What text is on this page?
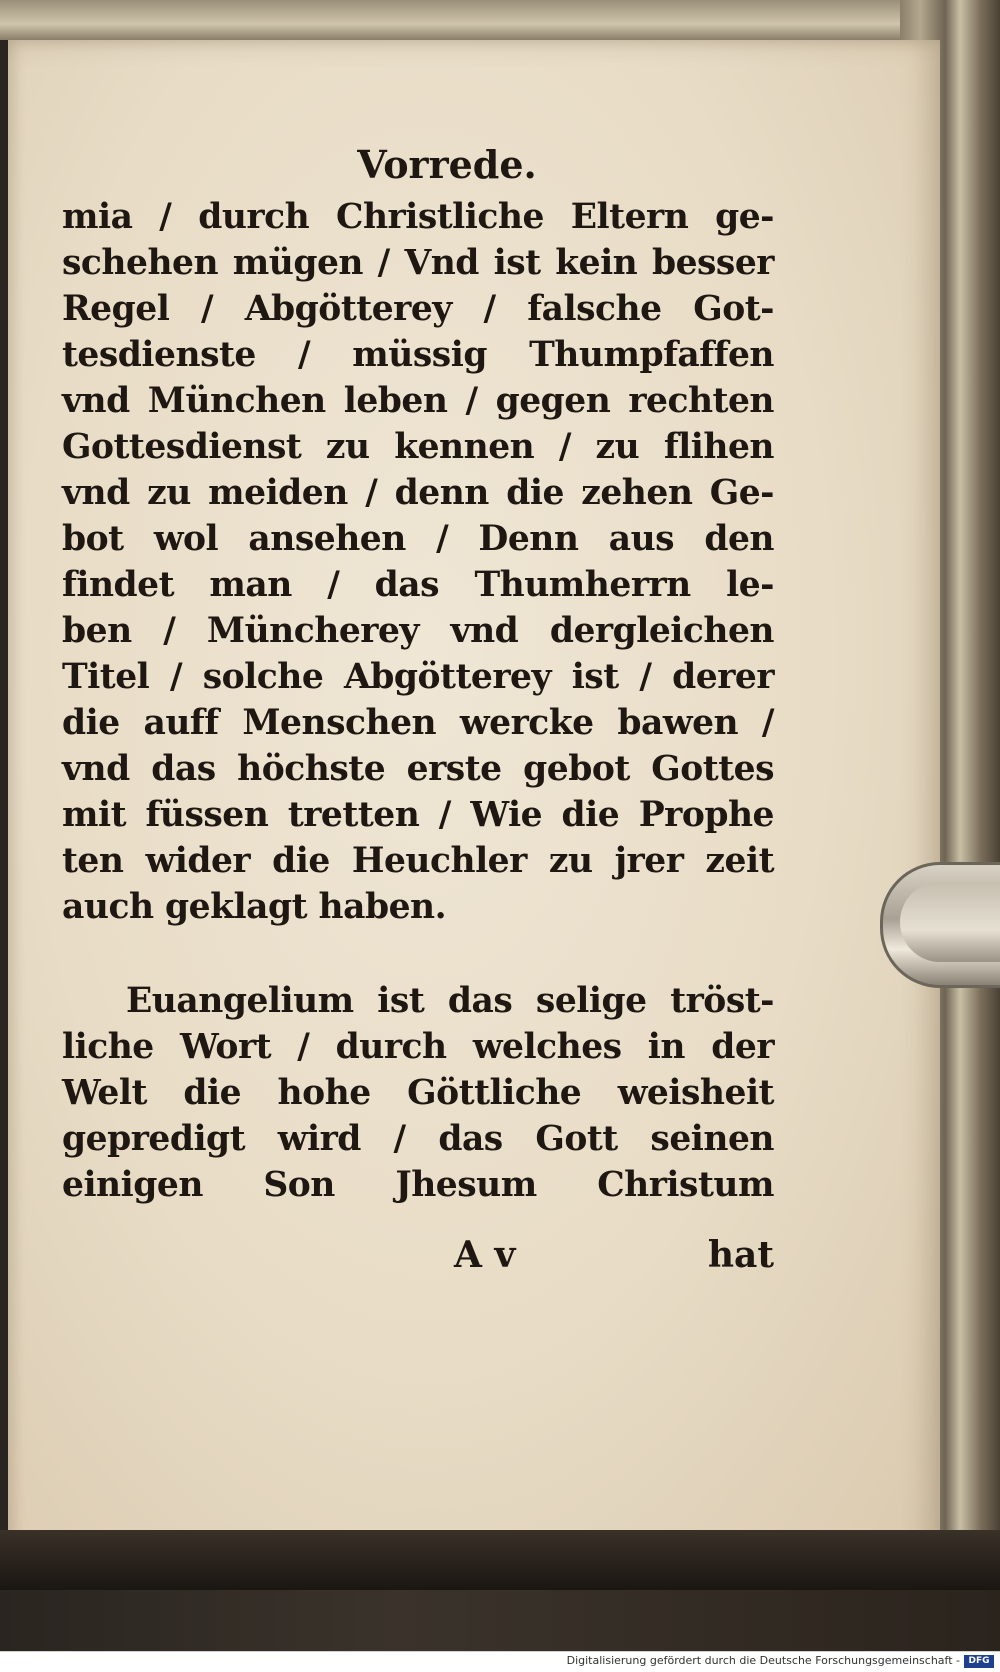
Vorrede.
mia / durch Christliche Eltern ge-
schehen mügen / Vnd ist kein besser
Regel / Abgötterey / falsche Got-
tesdienste / müssig Thumpfaffen
vnd München leben / gegen rechten
Gottesdienst zu kennen / zu flihen
vnd zu meiden / denn die zehen Ge-
bot wol ansehen / Denn aus den
findet man / das Thumherrn le-
ben / Müncherey vnd dergleichen
Titel / solche Abgötterey ist / derer
die auff Menschen wercke bawen /
vnd das höchste erste gebot Gottes
mit füssen tretten / Wie die Prophe
ten wider die Heuchler zu jrer zeit
auch geklagt haben.
Euangelium ist das selige tröst-
liche Wort / durch welches in der
Welt die hohe Göttliche weisheit
gepredigt wird / das Gott seinen
einigen Son Jhesum Christum
A v	hat
Digitalisierung gefördert durch die Deutsche Forschungsgemeinschaft - DFG
